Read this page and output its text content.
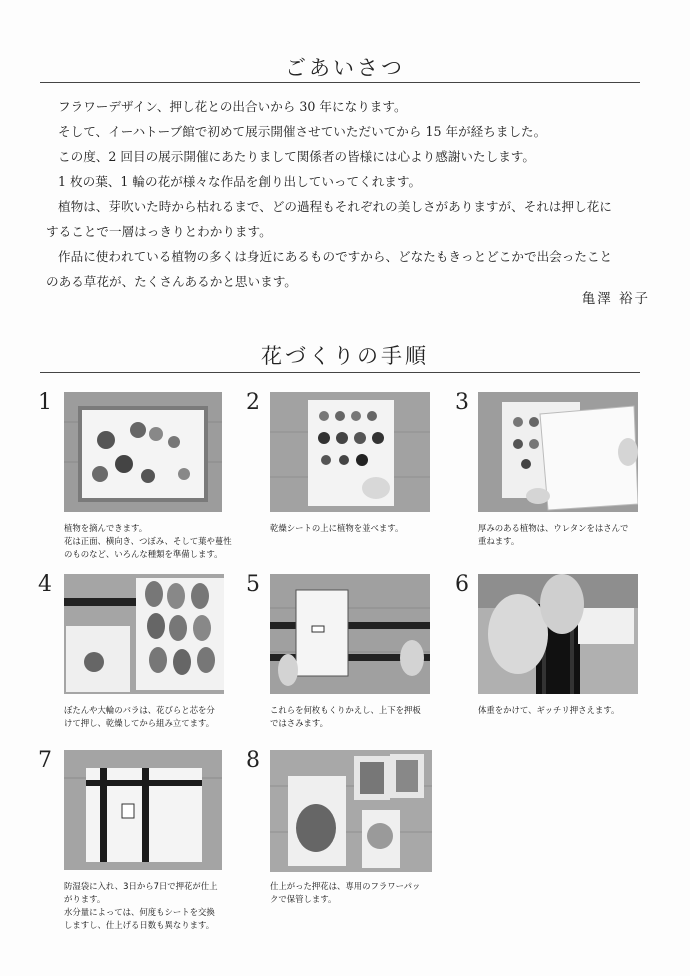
ごあいさつ

フラワーデザイン、押し花との出合いから 30 年になります。

そして、イーハトーブ館で初めて展示開催させていただいてから 15 年が経ちました。

この度、2 回目の展示開催にあたりまして関係者の皆様には心より感謝いたします。

1 枚の葉、1 輪の花が様々な作品を創り出していってくれます。

植物は、芽吹いた時から枯れるまで、どの過程もそれぞれの美しさがありますが、それは押し花に

することで一層はっきりとわかります。

作品に使われている植物の多くは身近にあるものですから、どなたもきっとどこかで出会ったこと

のある草花が、たくさんあるかと思います。

亀澤 裕子
花づくりの手順
1
植物を摘んできます。
花は正面、横向き、つぼみ、そして葉や蔓性
のものなど、いろんな種類を準備します。
2
乾燥シートの上に植物を並べます。
3
厚みのある植物は、ウレタンをはさんで
重ねます。
4
ぼたんや大輪のバラは、花びらと芯を分
けて押し、乾燥してから組み立てます。
5
これらを何枚もくりかえし、上下を押板
ではさみます。
6
体重をかけて、ギッチリ押さえます。
7
防湿袋に入れ、3日から7日で押花が仕上
がります。
水分量によっては、何度もシートを交換
しますし、仕上げる日数も異なります。
8
仕上がった押花は、専用のフラワーパッ
クで保管します。
